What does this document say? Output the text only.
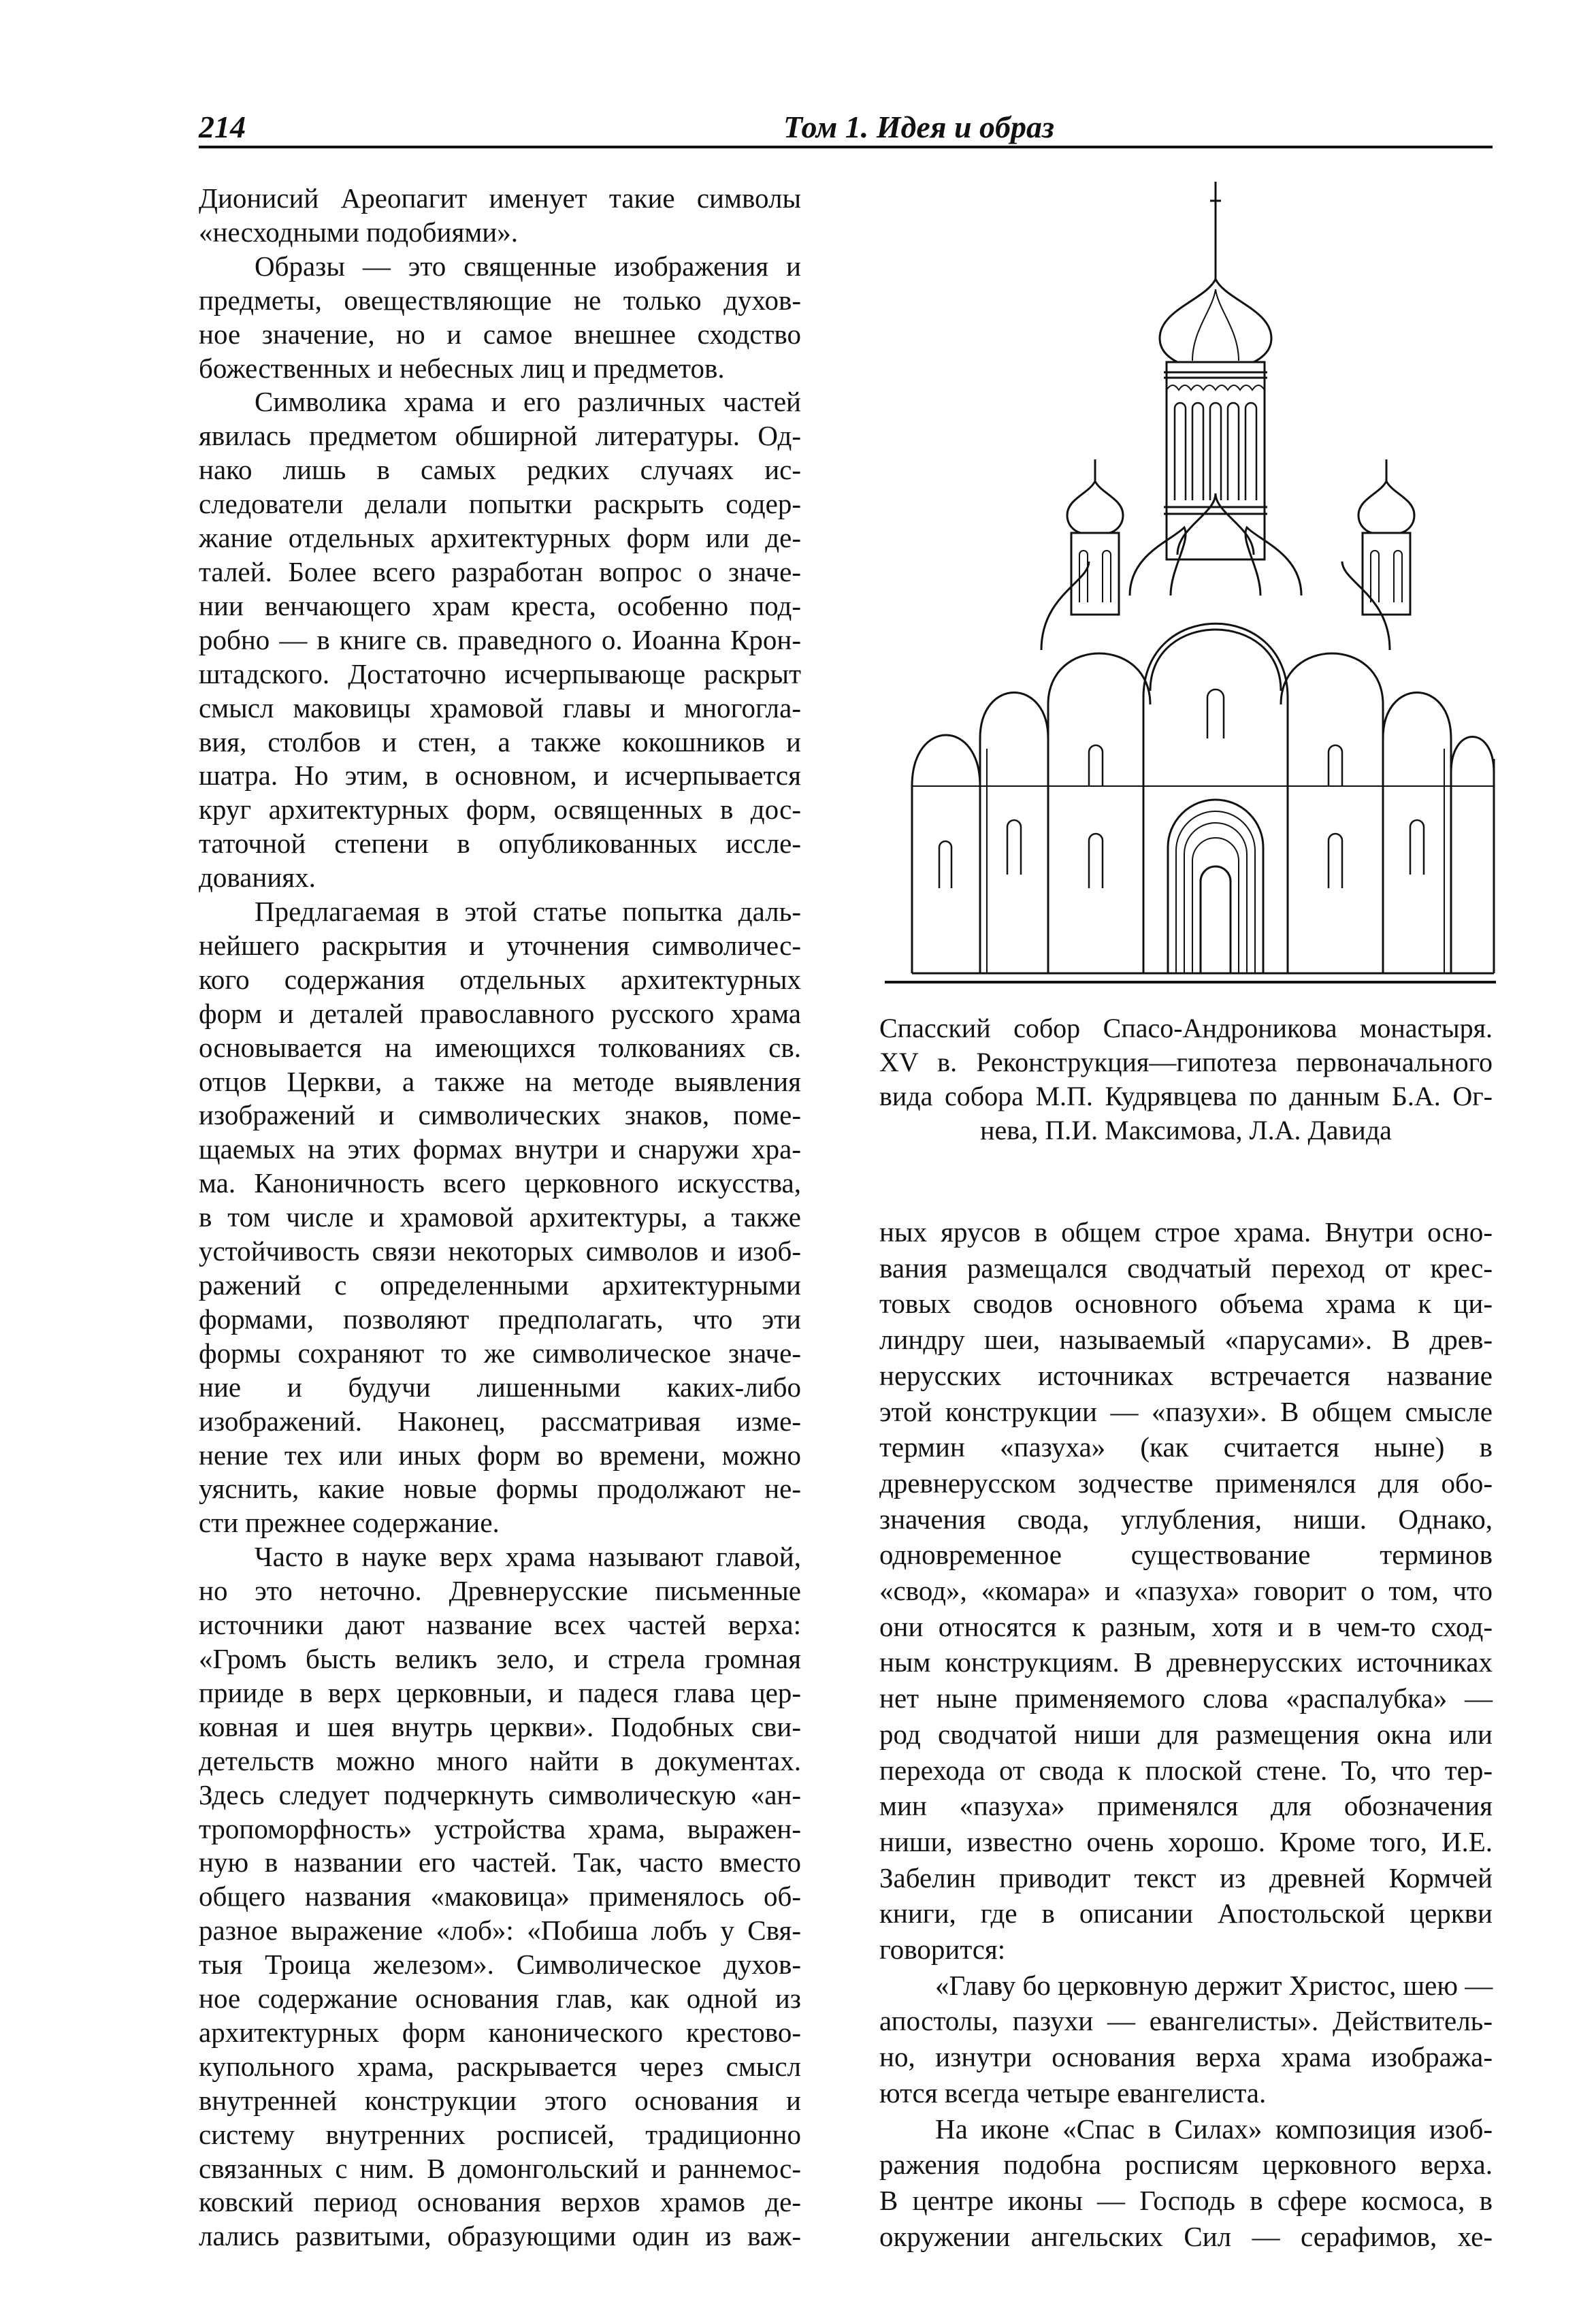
214	Том 1. Идея и образ
Дионисий Ареопагит именует такие символы
«несходными подобиями».
Образы — это священные изображения и
предметы, овеществляющие не только духов-
ное значение, но и самое внешнее сходство
божественных и небесных лиц и предметов.
Символика храма и его различных частей
явилась предметом обширной литературы. Од-
нако лишь в самых редких случаях ис-
следователи делали попытки раскрыть содер-
жание отдельных архитектурных форм или де-
талей. Более всего разработан вопрос о значе-
нии венчающего храм креста, особенно под-
робно — в книге св. праведного о. Иоанна Крон-
штадского. Достаточно исчерпывающе раскрыт
смысл маковицы храмовой главы и многогла-
вия, столбов и стен, а также кокошников и
шатра. Но этим, в основном, и исчерпывается
круг архитектурных форм, освященных в дос-
таточной степени в опубликованных иссле-
дованиях.
Предлагаемая в этой статье попытка даль-
нейшего раскрытия и уточнения символичес-
кого содержания отдельных архитектурных
форм и деталей православного русского храма
основывается на имеющихся толкованиях св.
отцов Церкви, а также на методе выявления
изображений и символических знаков, поме-
щаемых на этих формах внутри и снаружи хра-
ма. Каноничность всего церковного искусства,
в том числе и храмовой архитектуры, а также
устойчивость связи некоторых символов и изоб-
ражений с определенными архитектурными
формами, позволяют предполагать, что эти
формы сохраняют то же символическое значе-
ние и будучи лишенными каких-либо
изображений. Наконец, рассматривая изме-
нение тех или иных форм во времени, можно
уяснить, какие новые формы продолжают не-
сти прежнее содержание.
Часто в науке верх храма называют главой,
но это неточно. Древнерусские письменные
источники дают название всех частей верха:
«Громъ бысть великъ зело, и стрела громная
прииде в верх церковныи, и падеся глава цер-
ковная и шея внутрь церкви». Подобных сви-
детельств можно много найти в документах.
Здесь следует подчеркнуть символическую «ан-
тропоморфность» устройства храма, выражен-
ную в названии его частей. Так, часто вместо
общего названия «маковица» применялось об-
разное выражение «лоб»: «Побиша лобъ у Свя-
тыя Троица железом». Символическое духов-
ное содержание основания глав, как одной из
архитектурных форм канонического крестово-
купольного храма, раскрывается через смысл
внутренней конструкции этого основания и
систему внутренних росписей, традиционно
связанных с ним. В домонгольский и раннемос-
ковский период основания верхов храмов де-
лались развитыми, образующими один из важ-
Спасский собор Спасо-Андроникова монастыря.
XV в. Реконструкция—гипотеза первоначального
вида собора М.П. Кудрявцева по данным Б.А. Ог-
нева, П.И. Максимова, Л.А. Давида
ных ярусов в общем строе храма. Внутри осно-
вания размещался сводчатый переход от крес-
товых сводов основного объема храма к ци-
линдру шеи, называемый «парусами». В древ-
нерусских источниках встречается название
этой конструкции — «пазухи». В общем смысле
термин «пазуха» (как считается ныне) в
древнерусском зодчестве применялся для обо-
значения свода, углубления, ниши. Однако,
одновременное существование терминов
«свод», «комара» и «пазуха» говорит о том, что
они относятся к разным, хотя и в чем-то сход-
ным конструкциям. В древнерусских источниках
нет ныне применяемого слова «распалубка» —
род сводчатой ниши для размещения окна или
перехода от свода к плоской стене. То, что тер-
мин «пазуха» применялся для обозначения
ниши, известно очень хорошо. Кроме того, И.Е.
Забелин приводит текст из древней Кормчей
книги, где в описании Апостольской церкви
говорится:
«Главу бо церковную держит Христос, шею —
апостолы, пазухи — евангелисты». Действитель-
но, изнутри основания верха храма изобража-
ются всегда четыре евангелиста.
На иконе «Спас в Силах» композиция изоб-
ражения подобна росписям церковного верха.
В центре иконы — Господь в сфере космоса, в
окружении ангельских Сил — серафимов, хе-
